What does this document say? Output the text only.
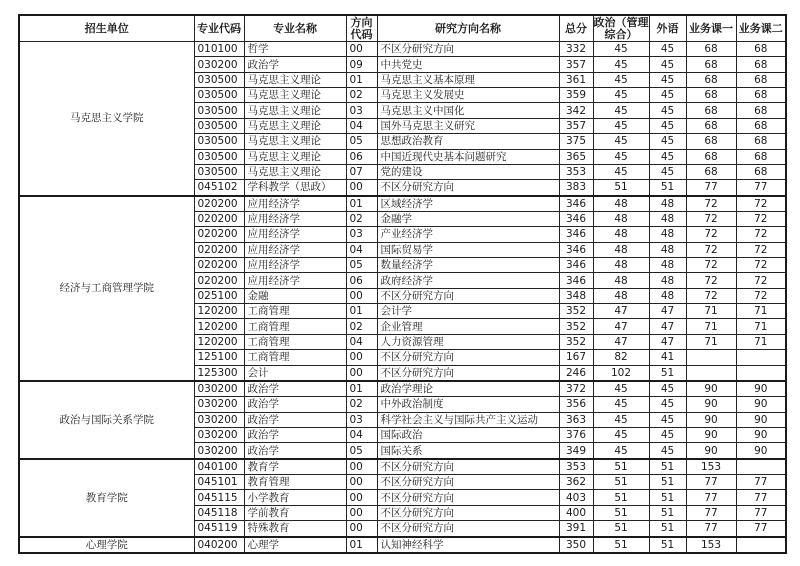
招生单位	专业代码	专业名称	方向代码	研究方向名称	总分	政治（管理综合）	外语	业务课一	业务课二
马克思主义学院	010100	哲学	00	不区分研究方向	332	45	45	68	68
	030200	政治学	09	中共党史	357	45	45	68	68
	030500	马克思主义理论	01	马克思主义基本原理	361	45	45	68	68
	030500	马克思主义理论	02	马克思主义发展史	359	45	45	68	68
	030500	马克思主义理论	03	马克思主义中国化	342	45	45	68	68
	030500	马克思主义理论	04	国外马克思主义研究	357	45	45	68	68
	030500	马克思主义理论	05	思想政治教育	375	45	45	68	68
	030500	马克思主义理论	06	中国近现代史基本问题研究	365	45	45	68	68
	030500	马克思主义理论	07	党的建设	353	45	45	68	68
	045102	学科教学（思政）	00	不区分研究方向	383	51	51	77	77
经济与工商管理学院	020200	应用经济学	01	区域经济学	346	48	48	72	72
	020200	应用经济学	02	金融学	346	48	48	72	72
	020200	应用经济学	03	产业经济学	346	48	48	72	72
	020200	应用经济学	04	国际贸易学	346	48	48	72	72
	020200	应用经济学	05	数量经济学	346	48	48	72	72
	020200	应用经济学	06	政府经济学	346	48	48	72	72
	025100	金融	00	不区分研究方向	348	48	48	72	72
	120200	工商管理	01	会计学	352	47	47	71	71
	120200	工商管理	02	企业管理	352	47	47	71	71
	120200	工商管理	04	人力资源管理	352	47	47	71	71
	125100	工商管理	00	不区分研究方向	167	82	41		
	125300	会计	00	不区分研究方向	246	102	51		
政治与国际关系学院	030200	政治学	01	政治学理论	372	45	45	90	90
	030200	政治学	02	中外政治制度	356	45	45	90	90
	030200	政治学	03	科学社会主义与国际共产主义运动	363	45	45	90	90
	030200	政治学	04	国际政治	376	45	45	90	90
	030200	政治学	05	国际关系	349	45	45	90	90
教育学院	040100	教育学	00	不区分研究方向	353	51	51	153	
	045101	教育管理	00	不区分研究方向	362	51	51	77	77
	045115	小学教育	00	不区分研究方向	403	51	51	77	77
	045118	学前教育	00	不区分研究方向	400	51	51	77	77
	045119	特殊教育	00	不区分研究方向	391	51	51	77	77
心理学院	040200	心理学	01	认知神经科学	350	51	51	153	
